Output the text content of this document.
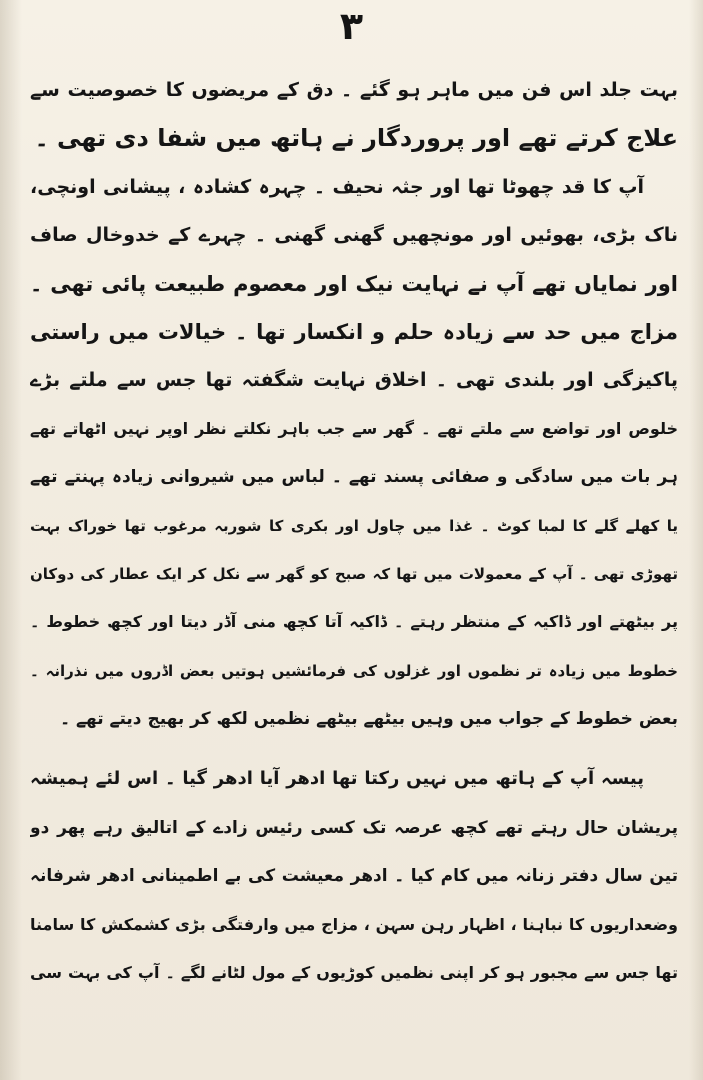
۳
بہت جلد اس فن میں ماہر ہو گئے ۔ دق کے مریضوں کا خصوصیت سے
علاج کرتے تھے اور پروردگار نے ہاتھ میں شفا دی تھی ۔
آپ کا قد چھوٹا تھا اور جثہ نحیف ۔ چہرہ کشادہ ، پیشانی اونچی،
ناک بڑی، بھوئیں اور مونچھیں گھنی گھنی ۔ چہرے کے خدوخال صاف
اور نمایاں تھے آپ نے نہایت نیک اور معصوم طبیعت پائی تھی ۔
مزاج میں حد سے زیادہ حلم و انکسار تھا ۔ خیالات میں راستی
پاکیزگی اور بلندی تھی ۔ اخلاق نہایت شگفتہ تھا جس سے ملتے بڑے
خلوص اور تواضع سے ملتے تھے ۔ گھر سے جب باہر نکلتے نظر اوپر نہیں اٹھاتے تھے
ہر بات میں سادگی و صفائی پسند تھے ۔ لباس میں شیروانی زیادہ پہنتے تھے
یا کھلے گلے کا لمبا کوٹ ۔ غذا میں چاول اور بکری کا شوربہ مرغوب تھا خوراک بہت
تھوڑی تھی ۔ آپ کے معمولات میں تھا کہ صبح کو گھر سے نکل کر ایک عطار کی دوکان
پر بیٹھتے اور ڈاکیہ کے منتظر رہتے ۔ ڈاکیہ آتا کچھ منی آڈر دیتا اور کچھ خطوط ۔
خطوط میں زیادہ تر نظموں اور غزلوں کی فرمائشیں ہوتیں بعض اڈروں میں نذرانہ ۔
بعض خطوط کے جواب میں وہیں بیٹھے بیٹھے نظمیں لکھ کر بھیج دیتے تھے ۔
پیسہ آپ کے ہاتھ میں نہیں رکتا تھا ادھر آیا ادھر گیا ۔ اس لئے ہمیشہ
پریشان حال رہتے تھے کچھ عرصہ تک کسی رئیس زادے کے اتالیق رہے پھر دو
تین سال دفتر زنانہ میں کام کیا ۔ ادھر معیشت کی بے اطمینانی ادھر شرفانہ
وضعداریوں کا نباہنا ، اظہار رہن سہن ، مزاج میں وارفتگی بڑی کشمکش کا سامنا
تھا جس سے مجبور ہو کر اپنی نظمیں کوڑیوں کے مول لٹانے لگے ۔ آپ کی بہت سی
